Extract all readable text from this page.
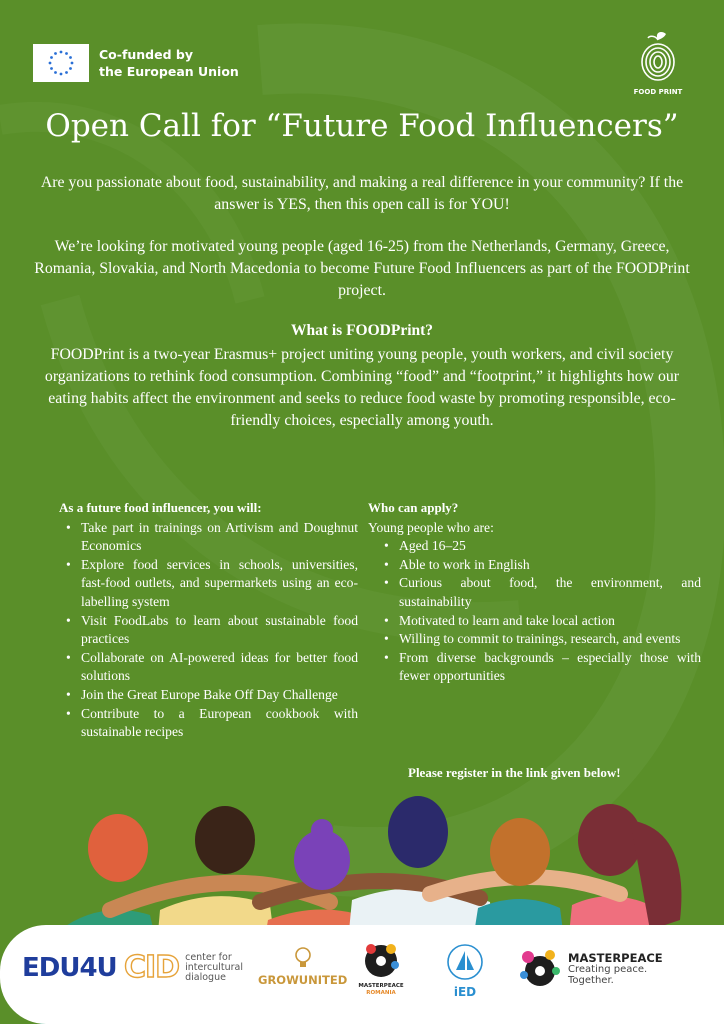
Co-funded by
the European Union
FOOD PRINT
Open Call for “Future Food Influencers”

Are you passionate about food, sustainability, and making a real difference in your community? If the answer is YES, then this open call is for YOU!

We’re looking for motivated young people (aged 16-25) from the Netherlands, Germany, Greece, Romania, Slovakia, and North Macedonia to become Future Food Influencers as part of the FOODPrint project.

What is FOODPrint?

FOODPrint is a two-year Erasmus+ project uniting young people, youth workers, and civil society organizations to rethink food consumption. Combining “food” and “footprint,” it highlights how our eating habits affect the environment and seeks to reduce food waste by promoting responsible, eco-friendly choices, especially among youth.

As a future food influencer, you will:
• Take part in trainings on Artivism and Doughnut Economics
• Explore food services in schools, universities, fast-food outlets, and supermarkets using an eco-labelling system
• Visit FoodLabs to learn about sustainable food practices
• Collaborate on AI-powered ideas for better food solutions
• Join the Great Europe Bake Off Day Challenge
• Contribute to a European cookbook with sustainable recipes
Who can apply?
Young people who are:
• Aged 16–25
• Able to work in English
• Curious about food, the environment, and sustainability
• Motivated to learn and take local action
• Willing to commit to trainings, research, and events
• From diverse backgrounds – especially those with fewer opportunities
Please register in the link given below!
EDU4U CID center for
intercultural
dialogue	GROWUNITED	MASTERPEACE
ROMANIA	iED
MASTERPEACE
Creating peace.
Together.
